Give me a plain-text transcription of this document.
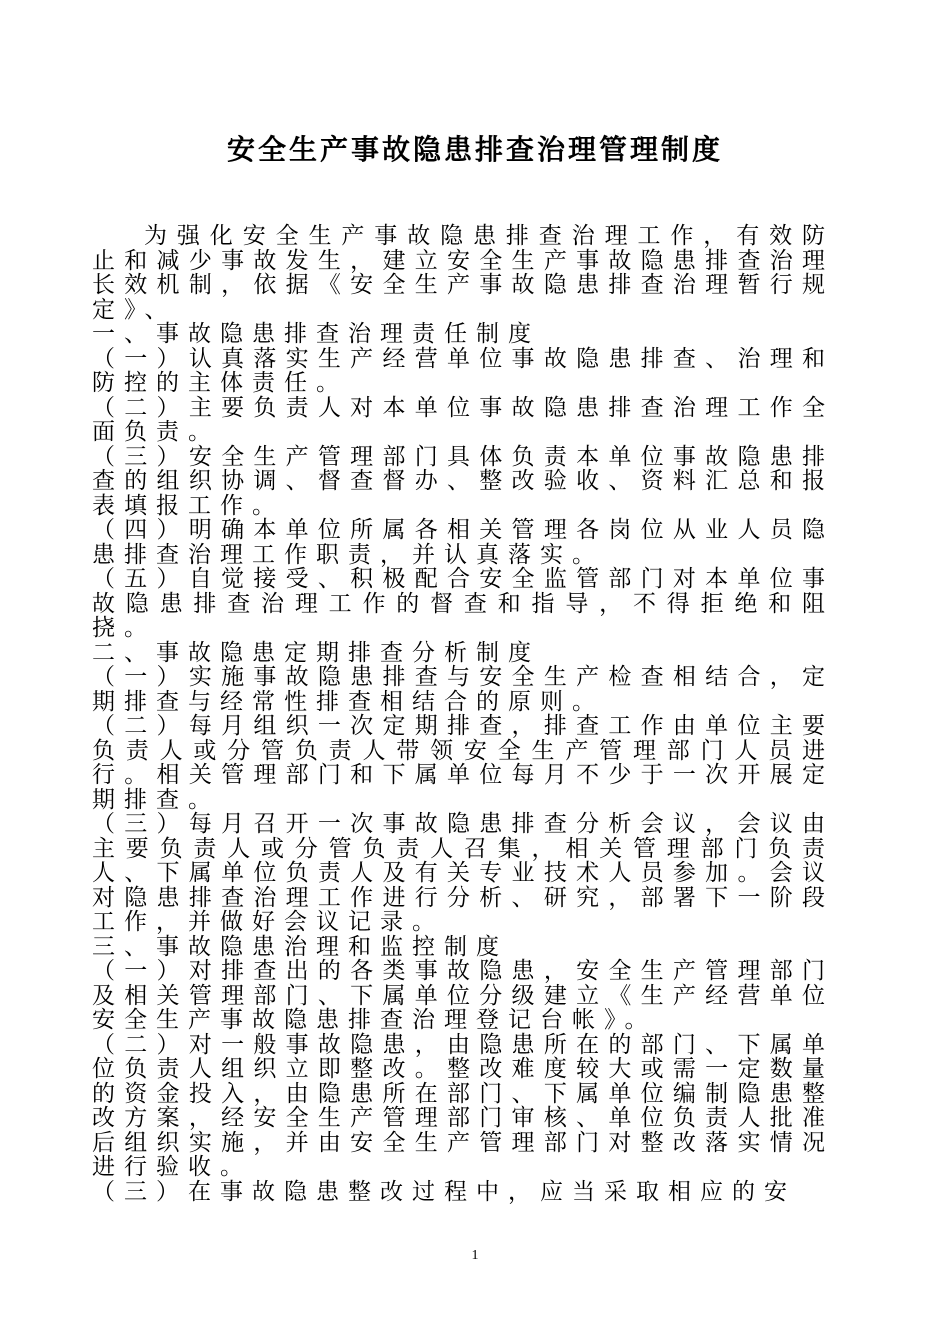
安全生产事故隐患排查治理管理制度

为强化安全生产事故隐患排查治理工作，有效防止和减少事故发生，建立安全生产事故隐患排查治理长效机制，依据《安全生产事故隐患排查治理暂行规定》、

一、事故隐患排查治理责任制度

（一）认真落实生产经营单位事故隐患排查、治理和防控的主体责任。

（二）主要负责人对本单位事故隐患排查治理工作全面负责。

（三）安全生产管理部门具体负责本单位事故隐患排查的组织协调、督查督办、整改验收、资料汇总和报表填报工作。

（四）明确本单位所属各相关管理各岗位从业人员隐患排查治理工作职责，并认真落实。

（五）自觉接受、积极配合安全监管部门对本单位事故隐患排查治理工作的督查和指导，不得拒绝和阻挠。

二、事故隐患定期排查分析制度

（一）实施事故隐患排查与安全生产检查相结合，定期排查与经常性排查相结合的原则。

（二）每月组织一次定期排查，排查工作由单位主要负责人或分管负责人带领安全生产管理部门人员进行。相关管理部门和下属单位每月不少于一次开展定期排查。

（三）每月召开一次事故隐患排查分析会议，会议由主要负责人或分管负责人召集，相关管理部门负责人、下属单位负责人及有关专业技术人员参加。会议对隐患排查治理工作进行分析、研究，部署下一阶段工作，并做好会议记录。

三、事故隐患治理和监控制度

（一）对排查出的各类事故隐患，安全生产管理部门及相关管理部门、下属单位分级建立《生产经营单位安全生产事故隐患排查治理登记台帐》。

（二）对一般事故隐患，由隐患所在的部门、下属单位负责人组织立即整改。整改难度较大或需一定数量的资金投入，由隐患所在部门、下属单位编制隐患整改方案，经安全生产管理部门审核、单位负责人批准后组织实施，并由安全生产管理部门对整改落实情况进行验收。

（三）在事故隐患整改过程中，应当采取相应的安

1
